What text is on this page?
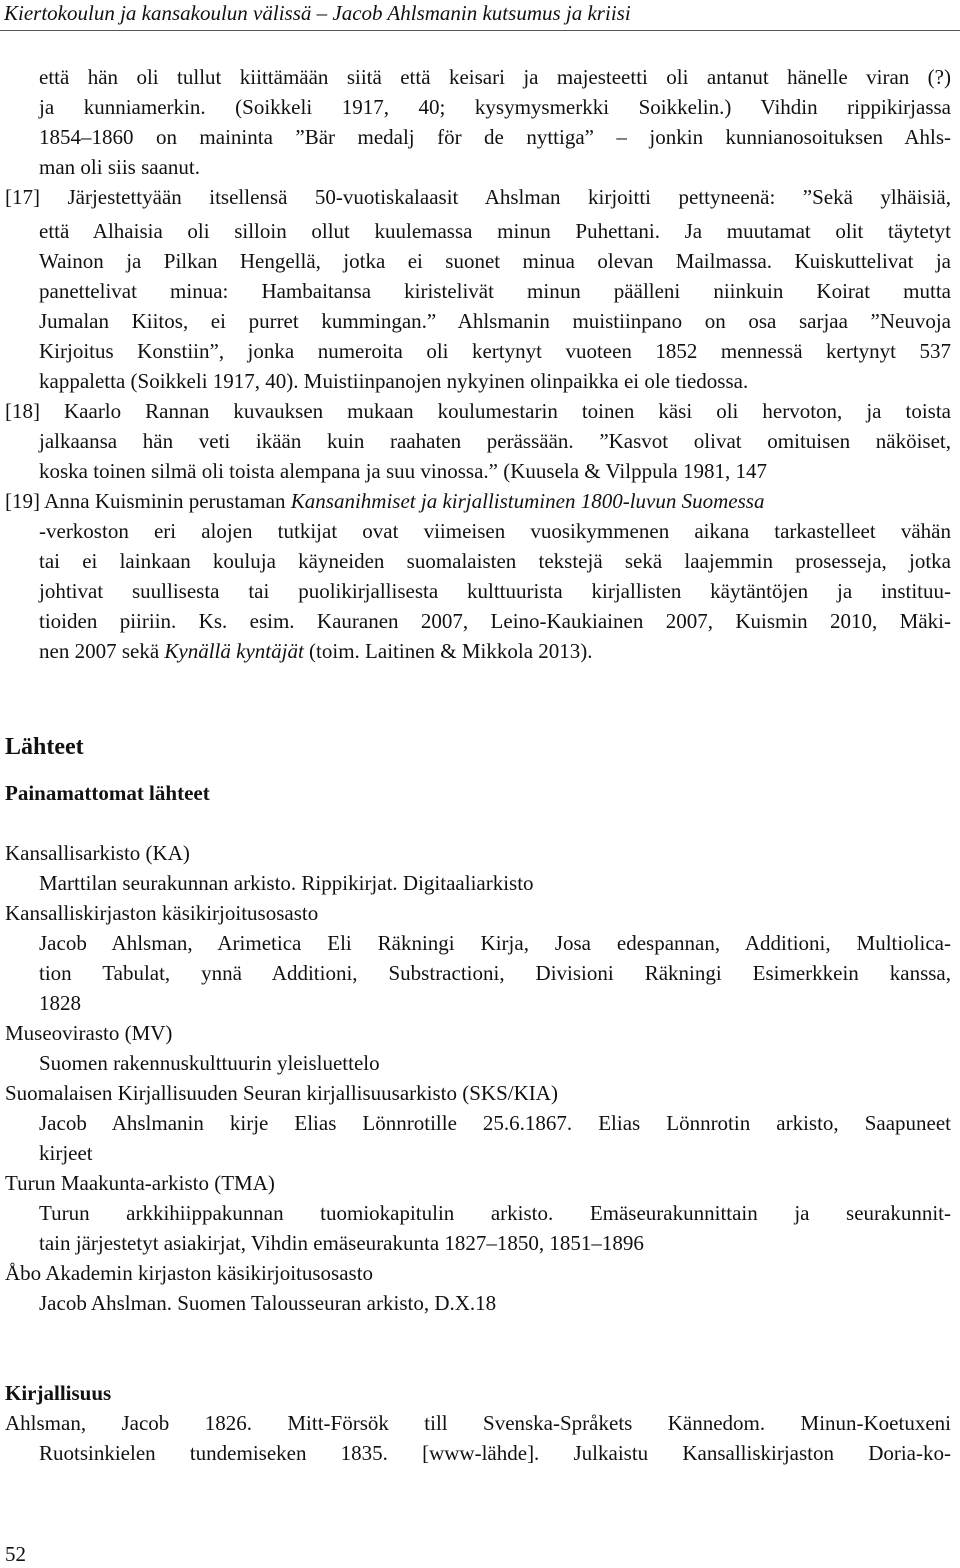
Kiertokoulun ja kansakoulun välissä – Jacob Ahlsmanin kutsumus ja kriisi
että hän oli tullut kiittämään siitä että keisari ja majesteetti oli antanut hänelle viran (?)
ja kunniamerkin. (Soikkeli 1917, 40; kysymysmerkki Soikkelin.) Vihdin rippikirjassa
1854–1860 on maininta ”Bär medalj för de nyttiga” – jonkin kunnianosoituksen Ahls-
man oli siis saanut.
[17] Järjestettyään itsellensä 50-vuotiskalaasit Ahslman kirjoitti pettyneenä: ”Sekä ylhäisiä,
että Alhaisia oli silloin ollut kuulemassa minun Puhettani. Ja muutamat olit täytetyt
Wainon ja Pilkan Hengellä, jotka ei suonet minua olevan Mailmassa. Kuiskuttelivat ja
panettelivat minua: Hambaitansa kiristelivät minun päälleni niinkuin Koirat mutta
Jumalan Kiitos, ei purret kummingan.” Ahlsmanin muistiinpano on osa sarjaa ”Neuvoja
Kirjoitus Konstiin”, jonka numeroita oli kertynyt vuoteen 1852 mennessä kertynyt 537
kappaletta (Soikkeli 1917, 40). Muistiinpanojen nykyinen olinpaikka ei ole tiedossa.
[18] Kaarlo Rannan kuvauksen mukaan koulumestarin toinen käsi oli hervoton, ja toista
jalkaansa hän veti ikään kuin raahaten perässään. ”Kasvot olivat omituisen näköiset,
koska toinen silmä oli toista alempana ja suu vinossa.” (Kuusela & Vilppula 1981, 147
[19] Anna Kuisminin perustaman Kansanihmiset ja kirjallistuminen 1800-luvun Suomessa
-verkoston eri alojen tutkijat ovat viimeisen vuosikymmenen aikana tarkastelleet vähän
tai ei lainkaan kouluja käyneiden suomalaisten tekstejä sekä laajemmin prosesseja, jotka
johtivat suullisesta tai puolikirjallisesta kulttuurista kirjallisten käytäntöjen ja instituu-
tioiden piiriin. Ks. esim. Kauranen 2007, Leino-Kaukiainen 2007, Kuismin 2010, Mäki-
nen 2007 sekä Kynällä kyntäjät (toim. Laitinen & Mikkola 2013).
Lähteet
Painamattomat lähteet
Kansallisarkisto (KA)
Marttilan seurakunnan arkisto. Rippikirjat. Digitaaliarkisto
Kansalliskirjaston käsikirjoitusosasto
Jacob Ahlsman, Arimetica Eli Räkningi Kirja, Josa edespannan, Additioni, Multiolica-
tion Tabulat, ynnä Additioni, Substractioni, Divisioni Räkningi Esimerkkein kanssa,
1828
Museovirasto (MV)
Suomen rakennuskulttuurin yleisluettelo
Suomalaisen Kirjallisuuden Seuran kirjallisuusarkisto (SKS/KIA)
Jacob Ahslmanin kirje Elias Lönnrotille 25.6.1867. Elias Lönnrotin arkisto, Saapuneet
kirjeet
Turun Maakunta-arkisto (TMA)
Turun arkkihiippakunnan tuomiokapitulin arkisto. Emäseurakunnittain ja seurakunnit-
tain järjestetyt asiakirjat, Vihdin emäseurakunta 1827–1850, 1851–1896
Åbo Akademin kirjaston käsikirjoitusosasto
Jacob Ahslman. Suomen Talousseuran arkisto, D.X.18
Kirjallisuus
Ahlsman, Jacob 1826. Mitt-Försök till Svenska-Språkets Kännedom. Minun-Koetuxeni
Ruotsinkielen tundemiseken 1835. [www-lähde]. Julkaistu Kansalliskirjaston Doria-ko-
52
